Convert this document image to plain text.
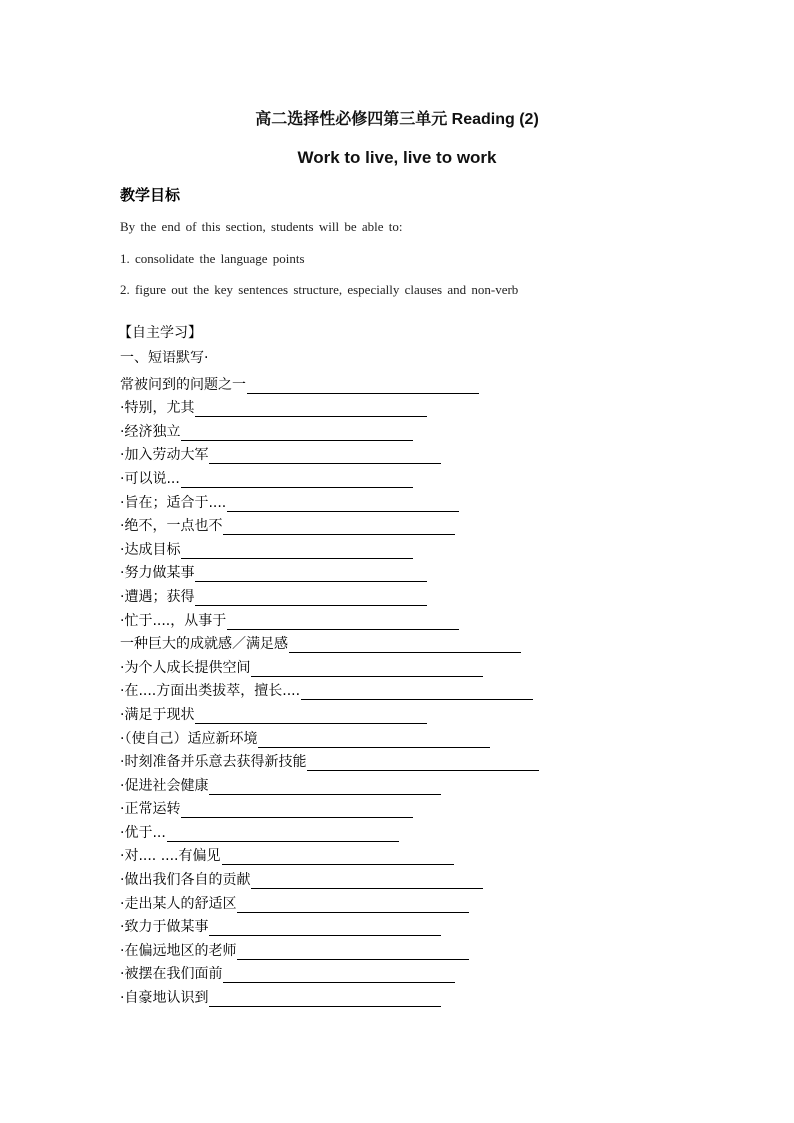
高二选择性必修四第三单元 Reading (2)
Work to live, live to work
教学目标
By the end of this section, students will be able to:
1. consolidate the language points
2. figure out the key sentences structure, especially clauses and non-verb
【自主学习】
一、短语默写·
常被问到的问题之一
·特别，尤其
·经济独立
·加入劳动大军
·可以说...
·旨在；适合于....
·绝不，一点也不
·达成目标
·努力做某事
·遭遇；获得
·忙于....，从事于
一种巨大的成就感／满足感
·为个人成长提供空间
·在....方面出类拔萃，擅长....
·满足于现状
·（使自己）适应新环境
·时刻准备并乐意去获得新技能
·促进社会健康
·正常运转
·优于...
·对.... ....有偏见
·做出我们各自的贡献
·走出某人的舒适区
·致力于做某事
·在偏远地区的老师
·被摆在我们面前
·自豪地认识到
